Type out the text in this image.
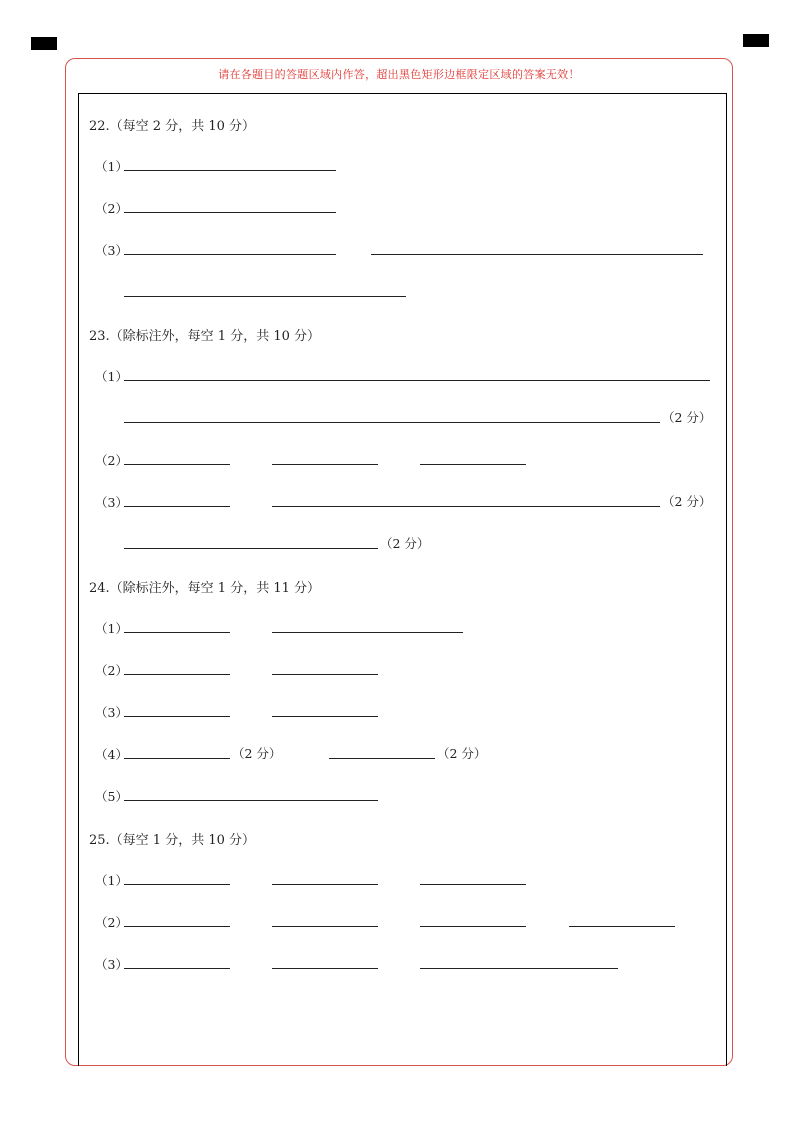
请在各题目的答题区域内作答，超出黑色矩形边框限定区域的答案无效！
22.（每空 2 分，共 10 分）
（1）
（2）
（3）
23.（除标注外，每空 1 分，共 10 分）
（1）
（2 分）
（2）
（3）	（2 分）
（2 分）
24.（除标注外，每空 1 分，共 11 分）
（1）
（2）
（3）
（4）	（2 分）	（2 分）
（5）
25.（每空 1 分，共 10 分）
（1）
（2）
（3）
